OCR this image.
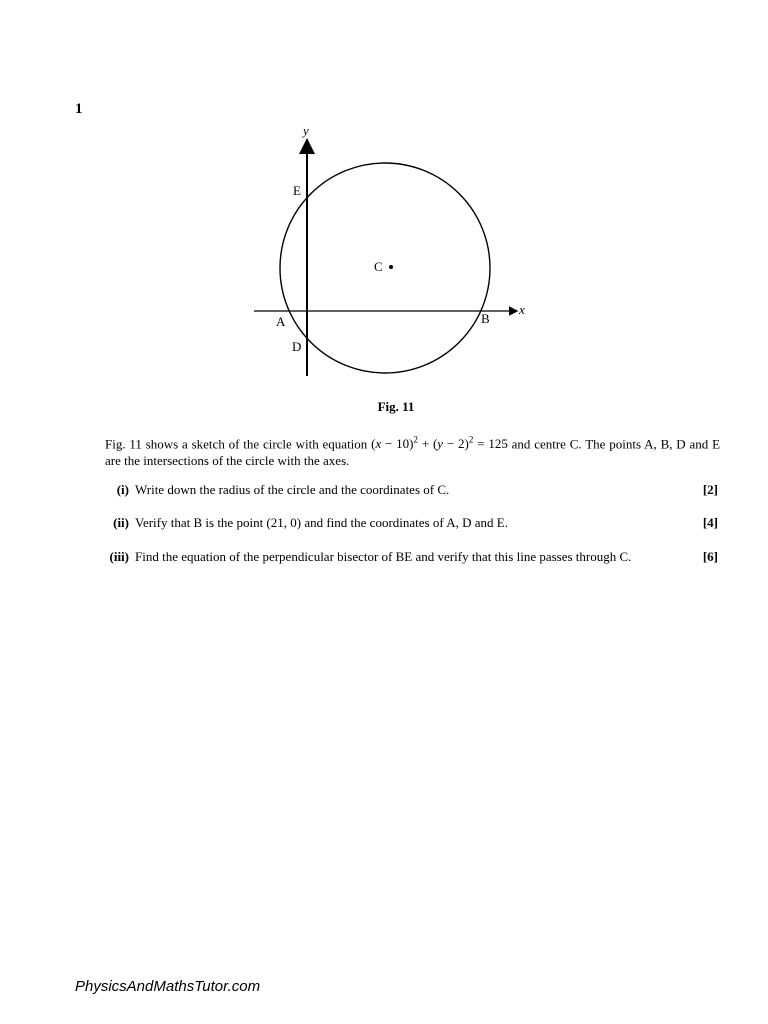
1
y
x
E
C
A	B
D
Fig. 11
Fig. 11 shows a sketch of the circle with equation $(x - 10)^2 + (y - 2)^2 = 125$ and centre C. The points A, B, D and E are the intersections of the circle with the axes.
(i) Write down the radius of the circle and the coordinates of C.	[2]
(ii) Verify that B is the point (21, 0) and find the coordinates of A, D and E.	[4]
(iii) Find the equation of the perpendicular bisector of BE and verify that this line passes through C.	[6]
PhysicsAndMathsTutor.com
